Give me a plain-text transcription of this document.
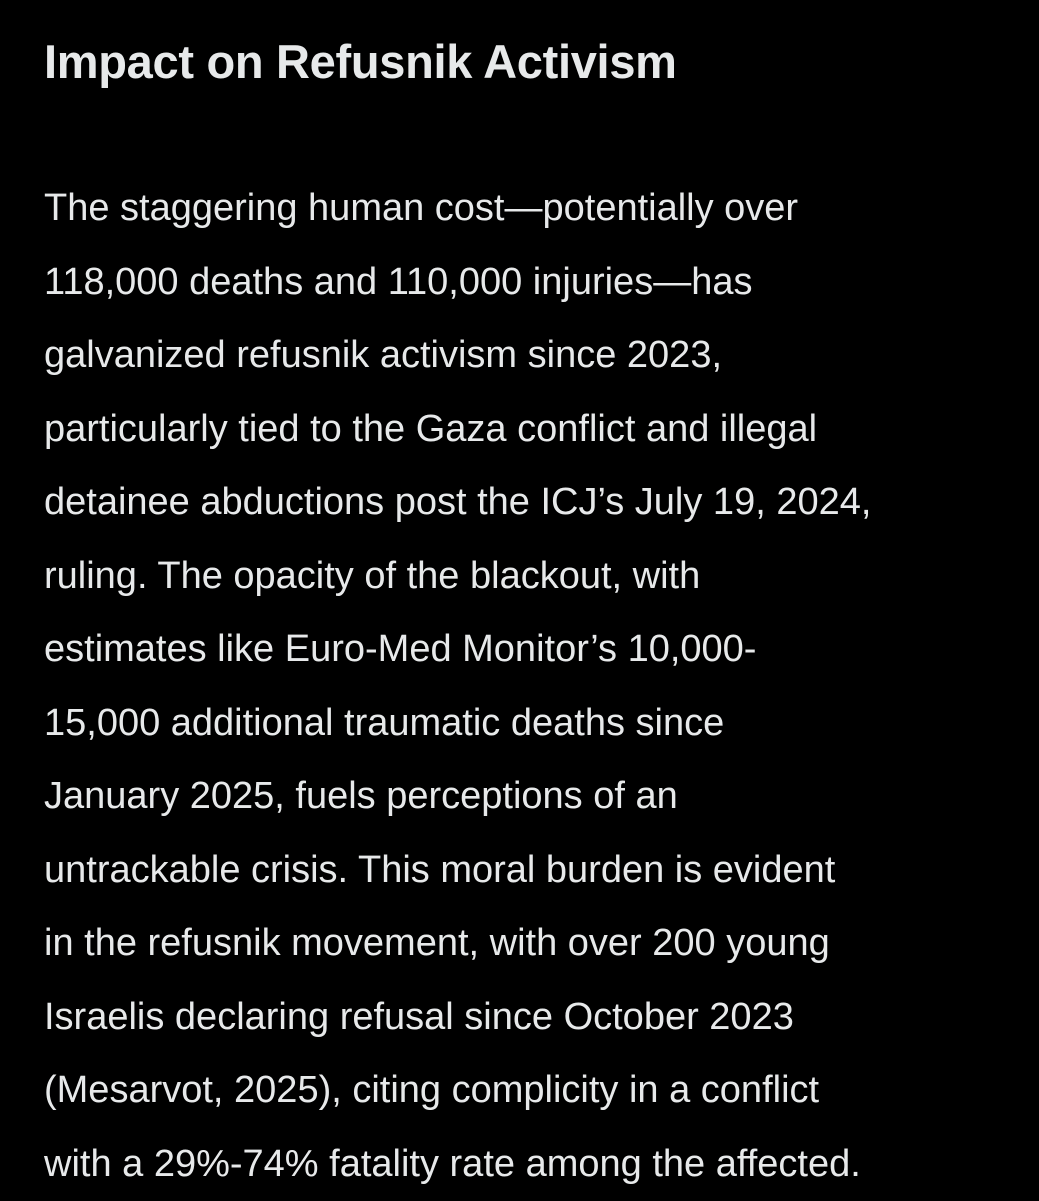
Impact on Refusnik Activism
The staggering human cost—potentially over
118,000 deaths and 110,000 injuries—has
galvanized refusnik activism since 2023,
particularly tied to the Gaza conflict and illegal
detainee abductions post the ICJ’s July 19, 2024,
ruling. The opacity of the blackout, with
estimates like Euro-Med Monitor’s 10,000-
15,000 additional traumatic deaths since
January 2025, fuels perceptions of an
untrackable crisis. This moral burden is evident
in the refusnik movement, with over 200 young
Israelis declaring refusal since October 2023
(Mesarvot, 2025), citing complicity in a conflict
with a 29%-74% fatality rate among the affected.
